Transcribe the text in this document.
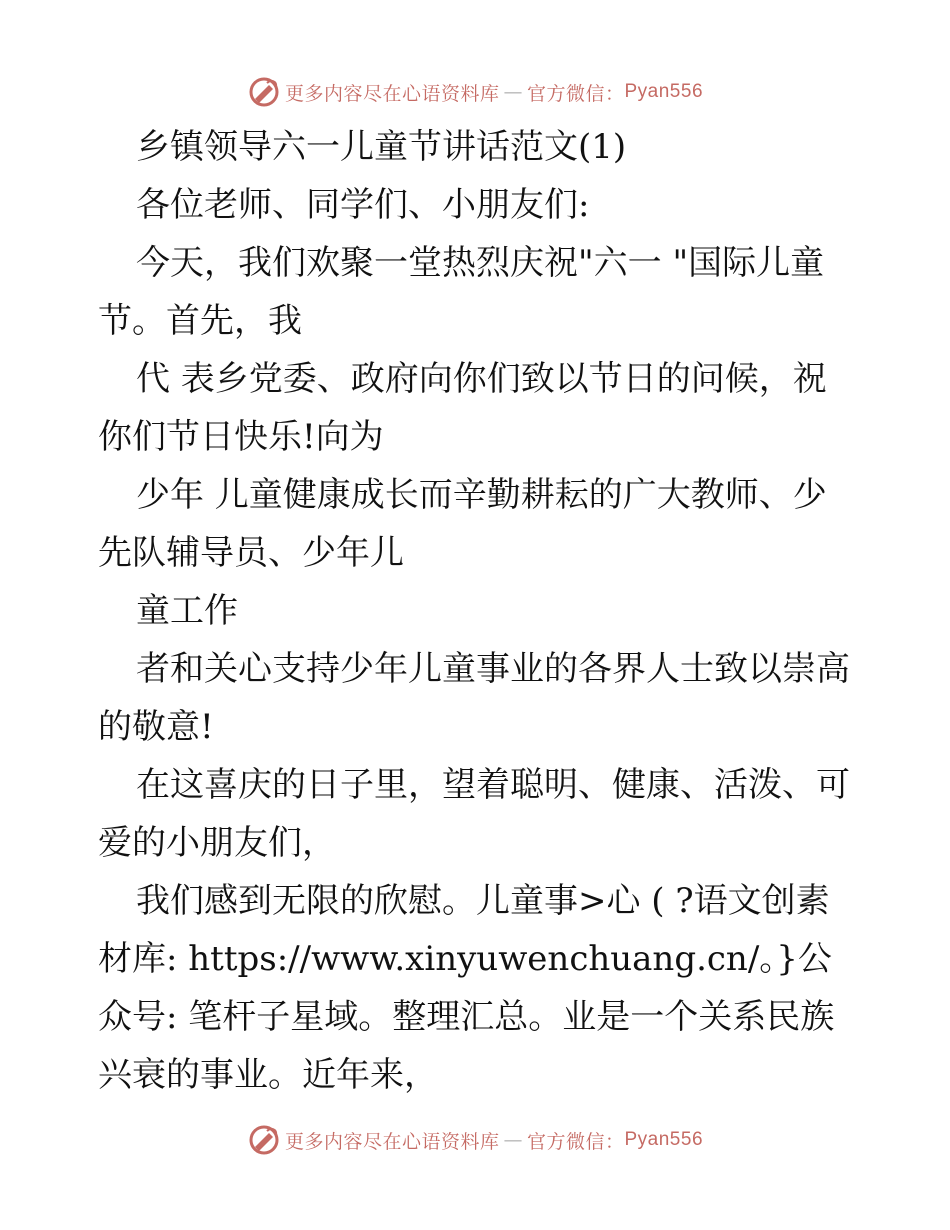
更多内容尽在心语资料库 — 官方微信： Pyan556
乡镇领导六一儿童节讲话范文(1)
各位老师、同学们、小朋友们:
今天，我们欢聚一堂热烈庆祝"六一 "国际儿童节。首先，我
代 表乡党委、政府向你们致以节日的问候，祝你们节日快乐!向为
少年 儿童健康成长而辛勤耕耘的广大教师、少先队辅导员、少年儿
童工作
者和关心支持少年儿童事业的各界人士致以崇高的敬意!
在这喜庆的日子里，望着聪明、健康、活泼、可爱的小朋友们，
我们感到无限的欣慰。儿童事>心 ( ?语文创素材库: https://www.xinyuwenchuang.cn/。}公众号: 笔杆子星域。整理汇总。业是一个关系民族兴衰的事业。近年来，
更多内容尽在心语资料库 — 官方微信： Pyan556
